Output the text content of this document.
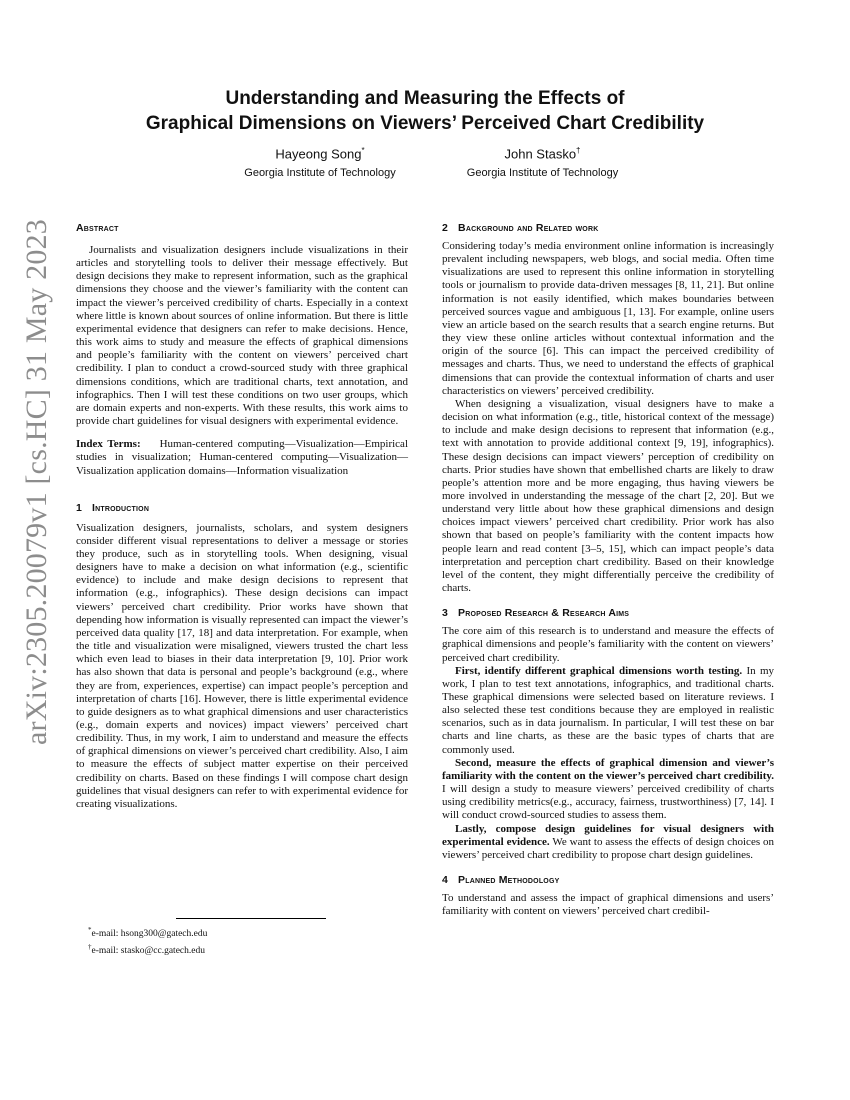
arXiv:2305.20079v1 [cs.HC] 31 May 2023
Understanding and Measuring the Effects of
Graphical Dimensions on Viewers’ Perceived Chart Credibility
Hayeong Song*
Georgia Institute of Technology
John Stasko†
Georgia Institute of Technology
Abstract

Journalists and visualization designers include visualizations in their articles and storytelling tools to deliver their message effectively. But design decisions they make to represent information, such as the graphical dimensions they choose and the viewer’s familiarity with the content can impact the viewer’s perceived credibility of charts. Especially in a context where little is known about sources of online information. But there is little experimental evidence that designers can refer to make decisions. Hence, this work aims to study and measure the effects of graphical dimensions and people’s familiarity with the content on viewers’ perceived chart credibility. I plan to conduct a crowd-sourced study with three graphical dimensions conditions, which are traditional charts, text annotation, and infographics. Then I will test these conditions on two user groups, which are domain experts and non-experts. With these results, this work aims to provide chart guidelines for visual designers with experimental evidence.

Index Terms: Human-centered computing—Visualization—Empirical studies in visualization; Human-centered computing—Visualization—Visualization application domains—Information visualization

1 Introduction

Visualization designers, journalists, scholars, and system designers consider different visual representations to deliver a message or stories they produce, such as in storytelling tools. When designing, visual designers have to make a decision on what information (e.g., scientific evidence) to include and make design decisions to represent that information (e.g., infographics). These design decisions can impact viewers’ perceived chart credibility. Prior works have shown that depending how information is visually represented can impact the viewer’s perceived data quality [17, 18] and data interpretation. For example, when the title and visualization were misaligned, viewers trusted the chart less which even lead to biases in their data interpretation [9, 10]. Prior work has also shown that data is personal and people’s background (e.g., where they are from, experiences, expertise) can impact people’s perception and interpretation of charts [16]. However, there is little experimental evidence to guide designers as to what graphical dimensions and user characteristics (e.g., domain experts and novices) impact viewers’ perceived chart credibility. Thus, in my work, I aim to understand and measure the effects of graphical dimensions on viewer’s perceived chart credibility. Also, I aim to measure the effects of subject matter expertise on their perceived credibility on charts. Based on these findings I will compose chart design guidelines that visual designers can refer to with experimental evidence for creating visualizations.

*e-mail: hsong300@gatech.edu
†e-mail: stasko@cc.gatech.edu
2 Background and Related work

Considering today’s media environment online information is increasingly prevalent including newspapers, web blogs, and social media. Often time visualizations are used to represent this online information in storytelling tools or journalism to provide data-driven messages [8, 11, 21]. But online information is not easily identified, which makes boundaries between perceived sources vague and ambiguous [1, 13]. For example, online users view an article based on the search results that a search engine returns. But they view these online articles without contextual information and the origin of the source [6]. This can impact the perceived credibility of messages and charts. Thus, we need to understand the effects of graphical dimensions that can provide the contextual information of charts and user characteristics on viewers’ perceived credibility.

When designing a visualization, visual designers have to make a decision on what information (e.g., title, historical context of the message) to include and make design decisions to represent that information (e.g., text with annotation to provide additional context [9, 19], infographics). These design decisions can impact viewers’ perception of credibility on charts. Prior studies have shown that embellished charts are likely to draw people’s attention more and be more engaging, thus having viewers be more involved in understanding the message of the chart [2, 20]. But we understand very little about how these graphical dimensions and design choices impact viewers’ perceived chart credibility. Prior work has also shown that based on people’s familiarity with the content impacts how people learn and read content [3–5, 15], which can impact people’s data interpretation and perception chart credibility. Based on their knowledge level of the content, they might differentially perceive the credibility of charts.

3 Proposed Research & Research Aims

The core aim of this research is to understand and measure the effects of graphical dimensions and people’s familiarity with the content on viewers’ perceived chart credibility.

First, identify different graphical dimensions worth testing. In my work, I plan to test text annotations, infographics, and traditional charts. These graphical dimensions were selected based on literature reviews. I also selected these test conditions because they are employed in realistic scenarios, such as in data journalism. In particular, I will test these on bar charts and line charts, as these are the basic types of charts that are commonly used.

Second, measure the effects of graphical dimension and viewer’s familiarity with the content on the viewer’s perceived chart credibility. I will design a study to measure viewers’ perceived credibility of charts using credibility metrics(e.g., accuracy, fairness, trustworthiness) [7, 14]. I will conduct crowd-sourced studies to assess them.

Lastly, compose design guidelines for visual designers with experimental evidence. We want to assess the effects of design choices on viewers’ perceived chart credibility to propose chart design guidelines.

4 Planned Methodology

To understand and assess the impact of graphical dimensions and users’ familiarity with content on viewers’ perceived chart credibil-
